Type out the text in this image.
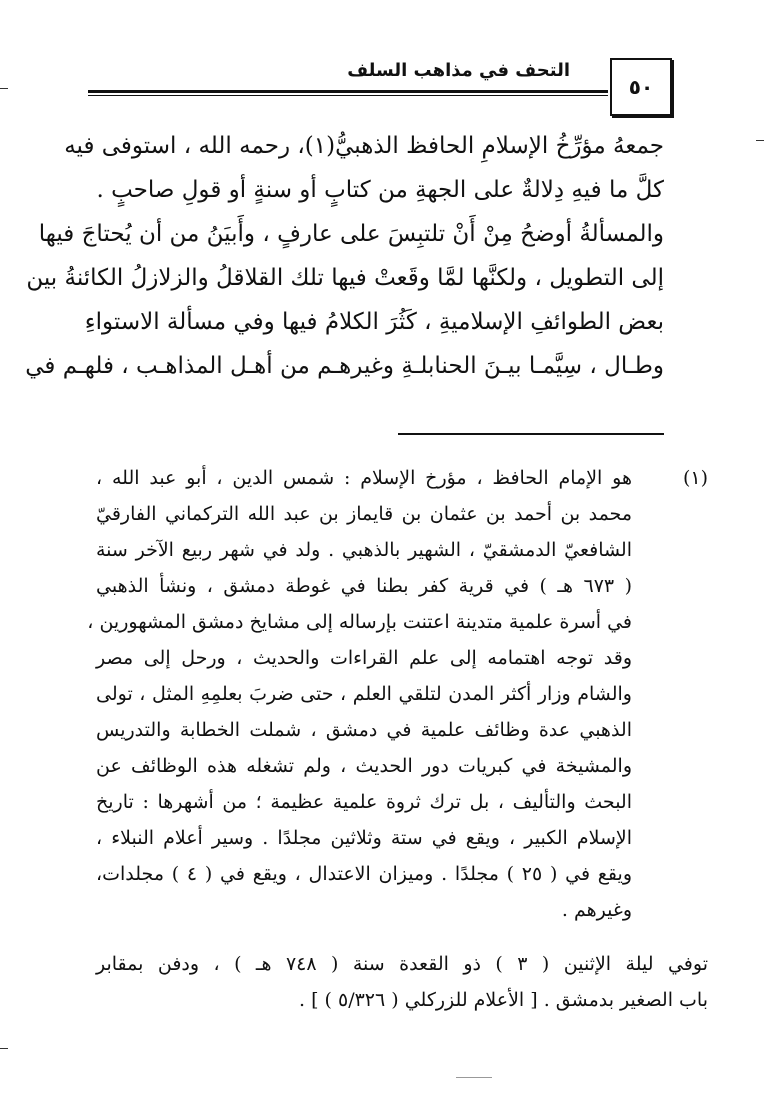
التحف في مذاهب السلف
٥٠
جمعهُ مؤرِّخُ الإسلامِ الحافظ الذهبيُّ(١)، رحمه الله ، استوفى فيه
كلَّ ما فيهِ دِلالةٌ على الجهةِ من كتابٍ أو سنةٍ أو قولِ صاحبٍ .
والمسألةُ أوضحُ مِنْ أَنْ تلتبِسَ على عارفٍ ، وأَبيَنُ من أن يُحتاجَ فيها
إلى التطويل ، ولكنَّها لمَّا وقَعتْ فيها تلك القلاقلُ والزلازلُ الكائنةُ بين
بعض الطوائفِ الإسلاميةِ ، كَثُرَ الكلامُ فيها وفي مسألة الاستواءِ
وطـال ، سِيَّمـا بيـنَ الحنابلـةِ وغيرهـم من أهـل المذاهـب ، فلهـم في
(١)
هو الإمام الحافظ ، مؤرخ الإسلام : شمس الدين ، أبو عبد الله ،
محمد بن أحمد بن عثمان بن قايماز بن عبد الله التركماني الفارقيّ
الشافعيّ الدمشقيّ ، الشهير بالذهبي . ولد في شهر ربيع الآخر سنة
( ٦٧٣ هـ ) في قرية كفر بطنا في غوطة دمشق ، ونشأ الذهبي
في أسرة علمية متدينة اعتنت بإرساله إلى مشايخ دمشق المشهورين ،
وقد توجه اهتمامه إلى علم القراءات والحديث ، ورحل إلى مصر
والشام وزار أكثر المدن لتلقي العلم ، حتى ضربَ بعلمِهِ المثل ، تولى
الذهبي عدة وظائف علمية في دمشق ، شملت الخطابة والتدريس
والمشيخة في كبريات دور الحديث ، ولم تشغله هذه الوظائف عن
البحث والتأليف ، بل ترك ثروة علمية عظيمة ؛ من أشهرها : تاريخ
الإسلام الكبير ، ويقع في ستة وثلاثين مجلدًا . وسير أعلام النبلاء ،
ويقع في ( ٢٥ ) مجلدًا . وميزان الاعتدال ، ويقع في ( ٤ ) مجلدات،
وغيرهم .
توفي ليلة الإثنين ( ٣ ) ذو القعدة سنة ( ٧٤٨ هـ ) ، ودفن بمقابر
باب الصغير بدمشق . [ الأعلام للزركلي ( ٥/٣٢٦ ) ] .
